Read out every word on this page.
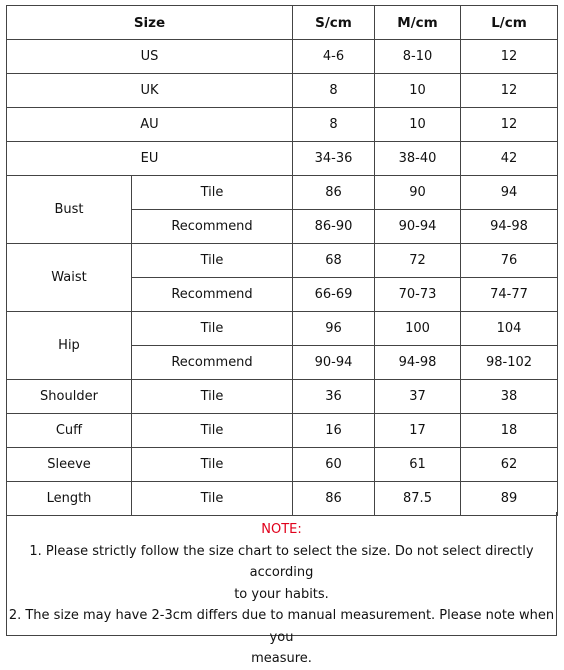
Size		S/cm	M/cm	L/cm
US		4-6	8-10	12
UK		8	10	12
AU		8	10	12
EU		34-36	38-40	42
Bust	Tile	86	90	94
	Recommend	86-90	90-94	94-98
Waist	Tile	68	72	76
	Recommend	66-69	70-73	74-77
Hip	Tile	96	100	104
	Recommend	90-94	94-98	98-102
Shoulder	Tile	36	37	38
Cuff	Tile	16	17	18
Sleeve	Tile	60	61	62
Length	Tile	86	87.5	89

NOTE:

1. Please strictly follow the size chart to select the size. Do not select directly according

to your habits.

2. The size may have 2-3cm differs due to manual measurement. Please note when you

measure.
